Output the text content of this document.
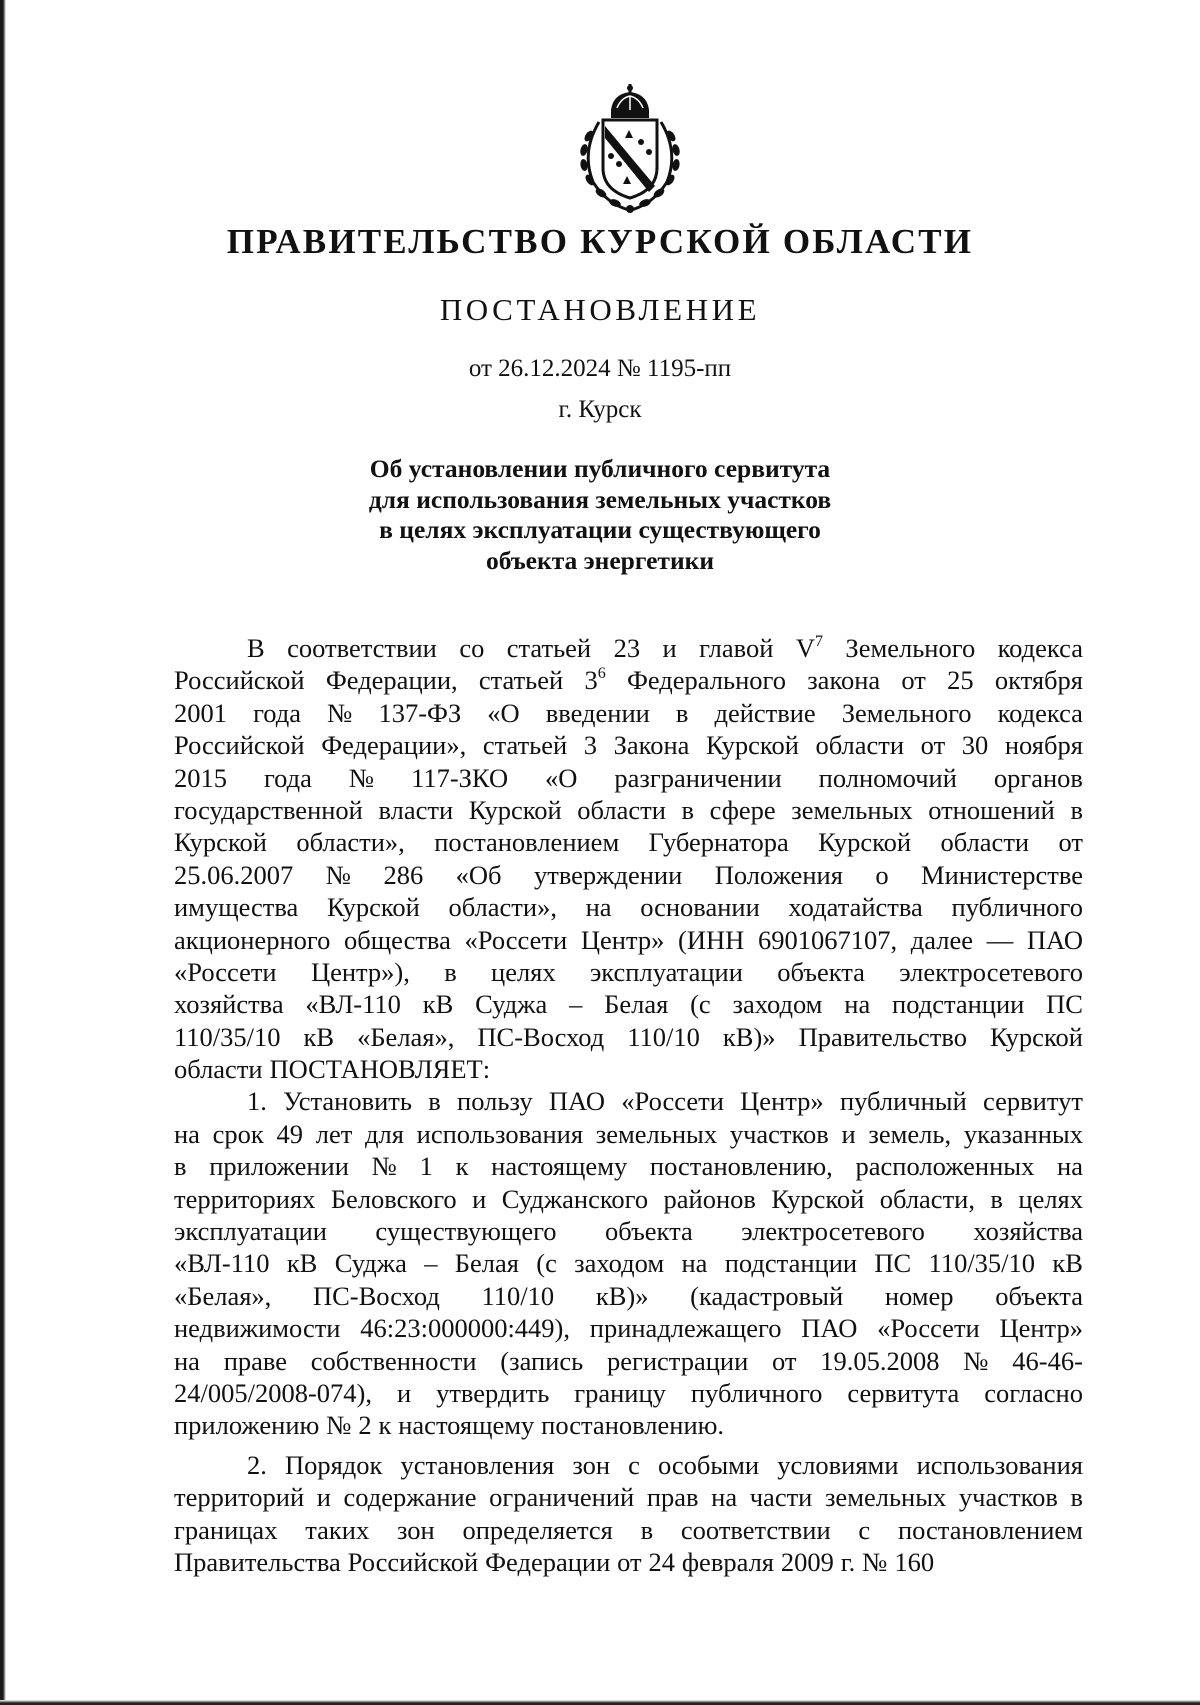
ПРАВИТЕЛЬСТВО КУРСКОЙ ОБЛАСТИ
ПОСТАНОВЛЕНИЕ
от 26.12.2024 № 1195-пп
г. Курск
Об установлении публичного сервитута
для использования земельных участков
в целях эксплуатации существующего
объекта энергетики
В соответствии со статьей 23 и главой $V^7$ Земельного кодекса
Российской Федерации, статьей $3^6$ Федерального закона от 25 октября
2001 года № 137-ФЗ «О введении в действие Земельного кодекса
Российской Федерации», статьей 3 Закона Курской области от 30 ноября
2015 года № 117-ЗКО «О разграничении полномочий органов
государственной власти Курской области в сфере земельных отношений в
Курской области», постановлением Губернатора Курской области от
25.06.2007 № 286 «Об утверждении Положения о Министерстве
имущества Курской области», на основании ходатайства публичного
акционерного общества «Россети Центр» (ИНН 6901067107, далее — ПАО
«Россети Центр»), в целях эксплуатации объекта электросетевого
хозяйства «ВЛ-110 кВ Суджа – Белая (с заходом на подстанции ПС
110/35/10 кВ «Белая», ПС-Восход 110/10 кВ)» Правительство Курской
области ПОСТАНОВЛЯЕТ:
1. Установить в пользу ПАО «Россети Центр» публичный сервитут
на срок 49 лет для использования земельных участков и земель, указанных
в приложении № 1 к настоящему постановлению, расположенных на
территориях Беловского и Суджанского районов Курской области, в целях
эксплуатации существующего объекта электросетевого хозяйства
«ВЛ-110 кВ Суджа – Белая (с заходом на подстанции ПС 110/35/10 кВ
«Белая», ПС-Восход 110/10 кВ)» (кадастровый номер объекта
недвижимости 46:23:000000:449), принадлежащего ПАО «Россети Центр»
на праве собственности (запись регистрации от 19.05.2008 № 46-46-
24/005/2008-074), и утвердить границу публичного сервитута согласно
приложению № 2 к настоящему постановлению.
2. Порядок установления зон с особыми условиями использования
территорий и содержание ограничений прав на части земельных участков в
границах таких зон определяется в соответствии с постановлением
Правительства Российской Федерации от 24 февраля 2009 г. № 160
